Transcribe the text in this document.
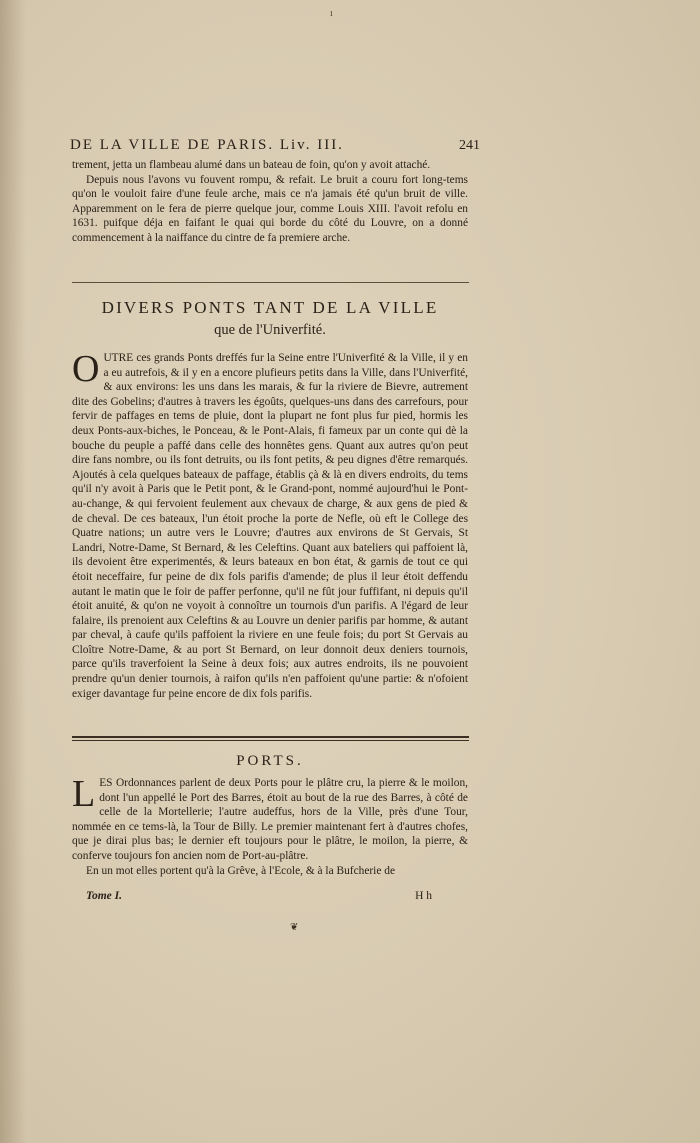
ı
DE LA VILLE DE PARIS. Liv. III.	241

trement, jetta un flambeau alumé dans un bateau de foin, qu'on y avoit attaché.

Depuis nous l'avons vu fouvent rompu, & refait. Le bruit a couru fort long-tems qu'on le vouloit faire d'une feule arche, mais ce n'a jamais été qu'un bruit de ville. Apparemment on le fera de pierre quelque jour, comme Louis XIII. l'avoit refolu en 1631. puifque déja en faifant le quai qui borde du côté du Louvre, on a donné commencement à la naiffance du cintre de fa premiere arche.

DIVERS PONTS TANT DE LA VILLE
que de l'Univerfité.

OUTRE ces grands Ponts dreffés fur la Seine entre l'Univerfité & la Ville, il y en a eu autrefois, & il y en a encore plufieurs petits dans la Ville, dans l'Univerfité, & aux environs: les uns dans les marais, & fur la riviere de Bievre, autrement dite des Gobelins; d'autres à travers les égoûts, quelques-uns dans des carrefours, pour fervir de paffages en tems de pluie, dont la plupart ne font plus fur pied, hormis les deux Ponts-aux-biches, le Ponceau, & le Pont-Alais, fi fameux par un conte qui dè la bouche du peuple a paffé dans celle des honnêtes gens. Quant aux autres qu'on peut dire fans nombre, ou ils font detruits, ou ils font petits, & peu dignes d'être remarqués. Ajoutés à cela quelques bateaux de paffage, établis çà & là en divers endroits, du tems qu'il n'y avoit à Paris que le Petit pont, & le Grand-pont, nommé aujourd'hui le Pont-au-change, & qui fervoient feulement aux chevaux de charge, & aux gens de pied & de cheval. De ces bateaux, l'un étoit proche la porte de Nefle, où eft le College des Quatre nations; un autre vers le Louvre; d'autres aux environs de St Gervais, St Landri, Notre-Dame, St Bernard, & les Celeftins. Quant aux bateliers qui paffoient là, ils devoient être experimentés, & leurs bateaux en bon état, & garnis de tout ce qui étoit neceffaire, fur peine de dix fols parifis d'amende; de plus il leur étoit deffendu autant le matin que le foir de paffer perfonne, qu'il ne fût jour fuffifant, ni depuis qu'il étoit anuité, & qu'on ne voyoit à connoître un tournois d'un parifis. A l'égard de leur falaire, ils prenoient aux Celeftins & au Louvre un denier parifis par homme, & autant par cheval, à caufe qu'ils paffoient la riviere en une feule fois; du port St Gervais au Cloître Notre-Dame, & au port St Bernard, on leur donnoit deux deniers tournois, parce qu'ils traverfoient la Seine à deux fois; aux autres endroits, ils ne pouvoient prendre qu'un denier tournois, à raifon qu'ils n'en paffoient qu'une partie: & n'ofoient exiger davantage fur peine encore de dix fols parifis.

PORTS.

LES Ordonnances parlent de deux Ports pour le plâtre cru, la pierre & le moilon, dont l'un appellé le Port des Barres, étoit au bout de la rue des Barres, à côté de celle de la Mortellerie; l'autre audeffus, hors de la Ville, près d'une Tour, nommée en ce tems-là, la Tour de Billy. Le premier maintenant fert à d'autres chofes, que je dirai plus bas; le dernier eft toujours pour le plâtre, le moilon, la pierre, & conferve toujours fon ancien nom de Port-au-plâtre.

En un mot elles portent qu'à la Grêve, à l'Ecole, & à la Bufcherie de

Tome I.	H h
❦
